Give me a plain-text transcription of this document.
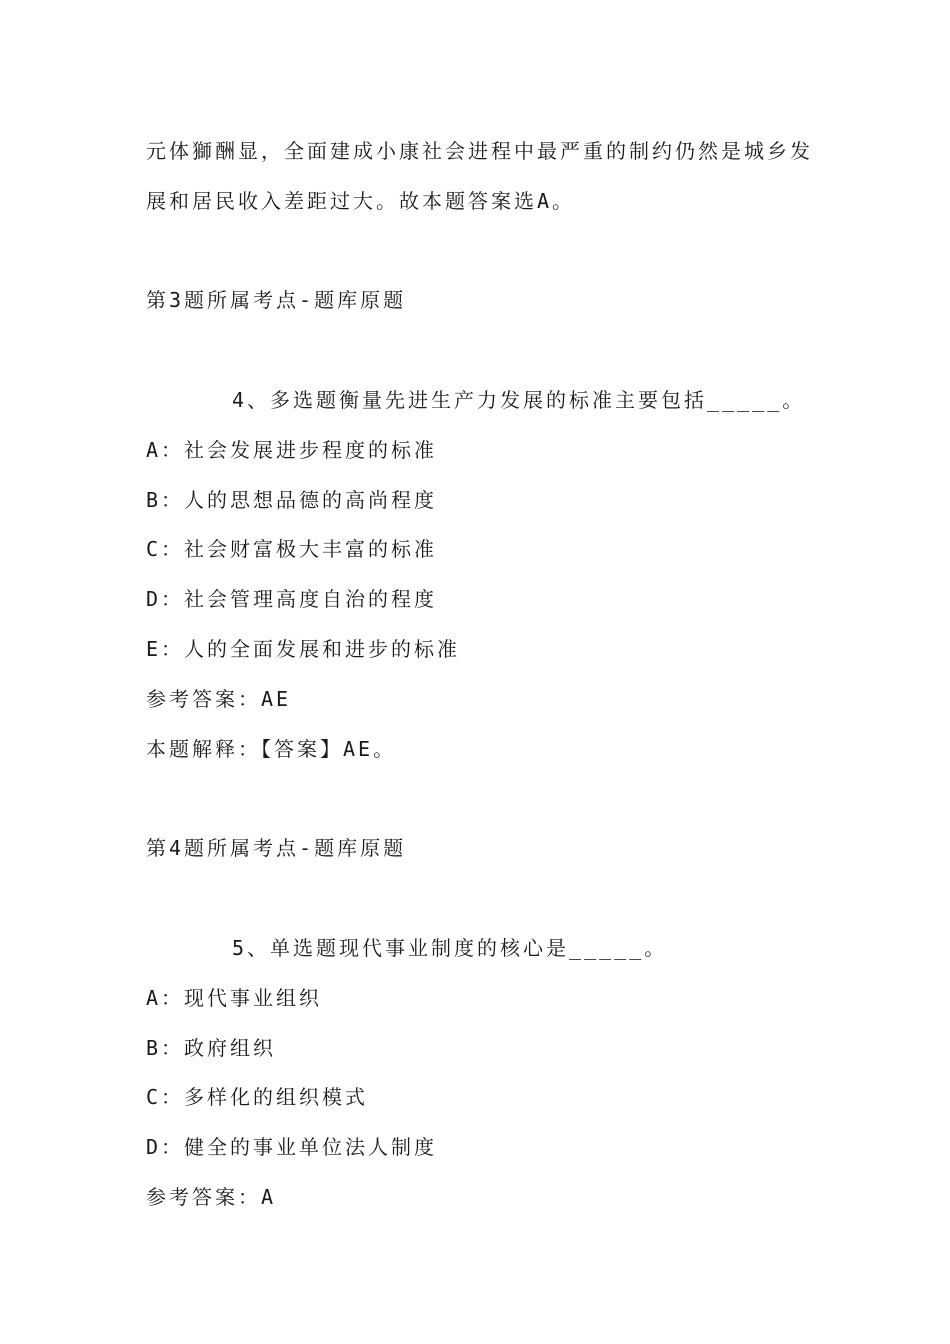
元体獅酬显，全面建成小康社会进程中最严重的制约仍然是城乡发
展和居民收入差距过大。故本题答案选A。
第3题所属考点-题库原题
4、多选题衡量先进生产力发展的标准主要包括_____。
A：社会发展进步程度的标准
B：人的思想品德的高尚程度
C：社会财富极大丰富的标准
D：社会管理高度自治的程度
E：人的全面发展和进步的标准
参考答案：AE
本题解释：【答案】AE。
第4题所属考点-题库原题
5、单选题现代事业制度的核心是_____。
A：现代事业组织
B：政府组织
C：多样化的组织模式
D：健全的事业单位法人制度
参考答案：A
